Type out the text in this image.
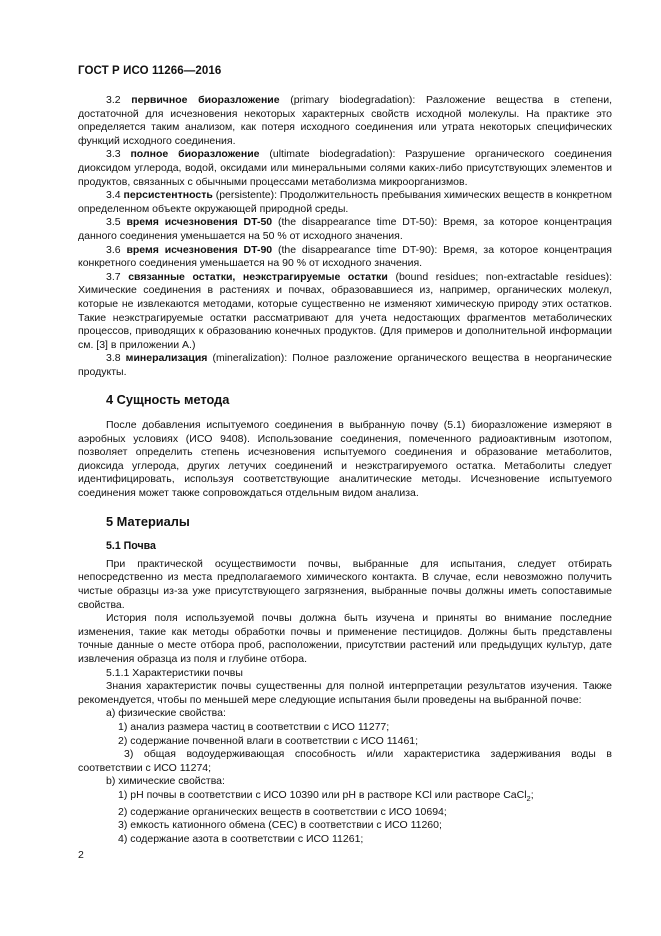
ГОСТ Р ИСО 11266—2016

3.2 первичное биоразложение (primary biodegradation): Разложение вещества в степени, достаточной для исчезновения некоторых характерных свойств исходной молекулы. На практике это определяется таким анализом, как потеря исходного соединения или утрата некоторых специфических функций исходного соединения.

3.3 полное биоразложение (ultimate biodegradation): Разрушение органического соединения диоксидом углерода, водой, оксидами или минеральными солями каких-либо присутствующих элементов и продуктов, связанных с обычными процессами метаболизма микроорганизмов.

3.4 персистентность (persistente): Продолжительность пребывания химических веществ в конкретном определенном объекте окружающей природной среды.

3.5 время исчезновения DT-50 (the disappearance time DT-50): Время, за которое концентрация данного соединения уменьшается на 50 % от исходного значения.

3.6 время исчезновения DT-90 (the disappearance time DT-90): Время, за которое концентрация конкретного соединения уменьшается на 90 % от исходного значения.

3.7 связанные остатки, неэкстрагируемые остатки (bound residues; non-extractable residues): Химические соединения в растениях и почвах, образовавшиеся из, например, органических молекул, которые не извлекаются методами, которые существенно не изменяют химическую природу этих остатков. Такие неэкстрагируемые остатки рассматривают для учета недостающих фрагментов метаболических процессов, приводящих к образованию конечных продуктов. (Для примеров и дополнительной информации см. [3] в приложении А.)

3.8 минерализация (mineralization): Полное разложение органического вещества в неорганические продукты.

4 Сущность метода

После добавления испытуемого соединения в выбранную почву (5.1) биоразложение измеряют в аэробных условиях (ИСО 9408). Использование соединения, помеченного радиоактивным изотопом, позволяет определить степень исчезновения испытуемого соединения и образование метаболитов, диоксида углерода, других летучих соединений и неэкстрагируемого остатка. Метаболиты следует идентифицировать, используя соответствующие аналитические методы. Исчезновение испытуемого соединения может также сопровождаться отдельным видом анализа.

5 Материалы
5.1 Почва

При практической осуществимости почвы, выбранные для испытания, следует отбирать непосредственно из места предполагаемого химического контакта. В случае, если невозможно получить чистые образцы из-за уже присутствующего загрязнения, выбранные почвы должны иметь сопоставимые свойства.

История поля используемой почвы должна быть изучена и приняты во внимание последние изменения, такие как методы обработки почвы и применение пестицидов. Должны быть представлены точные данные о месте отбора проб, расположении, присутствии растений или предыдущих культур, дате извлечения образца из поля и глубине отбора.

5.1.1 Характеристики почвы

Знания характеристик почвы существенны для полной интерпретации результатов изучения. Также рекомендуется, чтобы по меньшей мере следующие испытания были проведены на выбранной почве:

а) физические свойства:

1) анализ размера частиц в соответствии с ИСО 11277;

2) содержание почвенной влаги в соответствии с ИСО 11461;

3) общая водоудерживающая способность и/или характеристика задерживания воды в соответствии с ИСО 11274;

b) химические свойства:

1) pH почвы в соответствии с ИСО 10390 или pH в растворе KCl или растворе CaCl$_2$;

2) содержание органических веществ в соответствии с ИСО 10694;

3) емкость катионного обмена (CEC) в соответствии с ИСО 11260;

4) содержание азота в соответствии с ИСО 11261;

2
